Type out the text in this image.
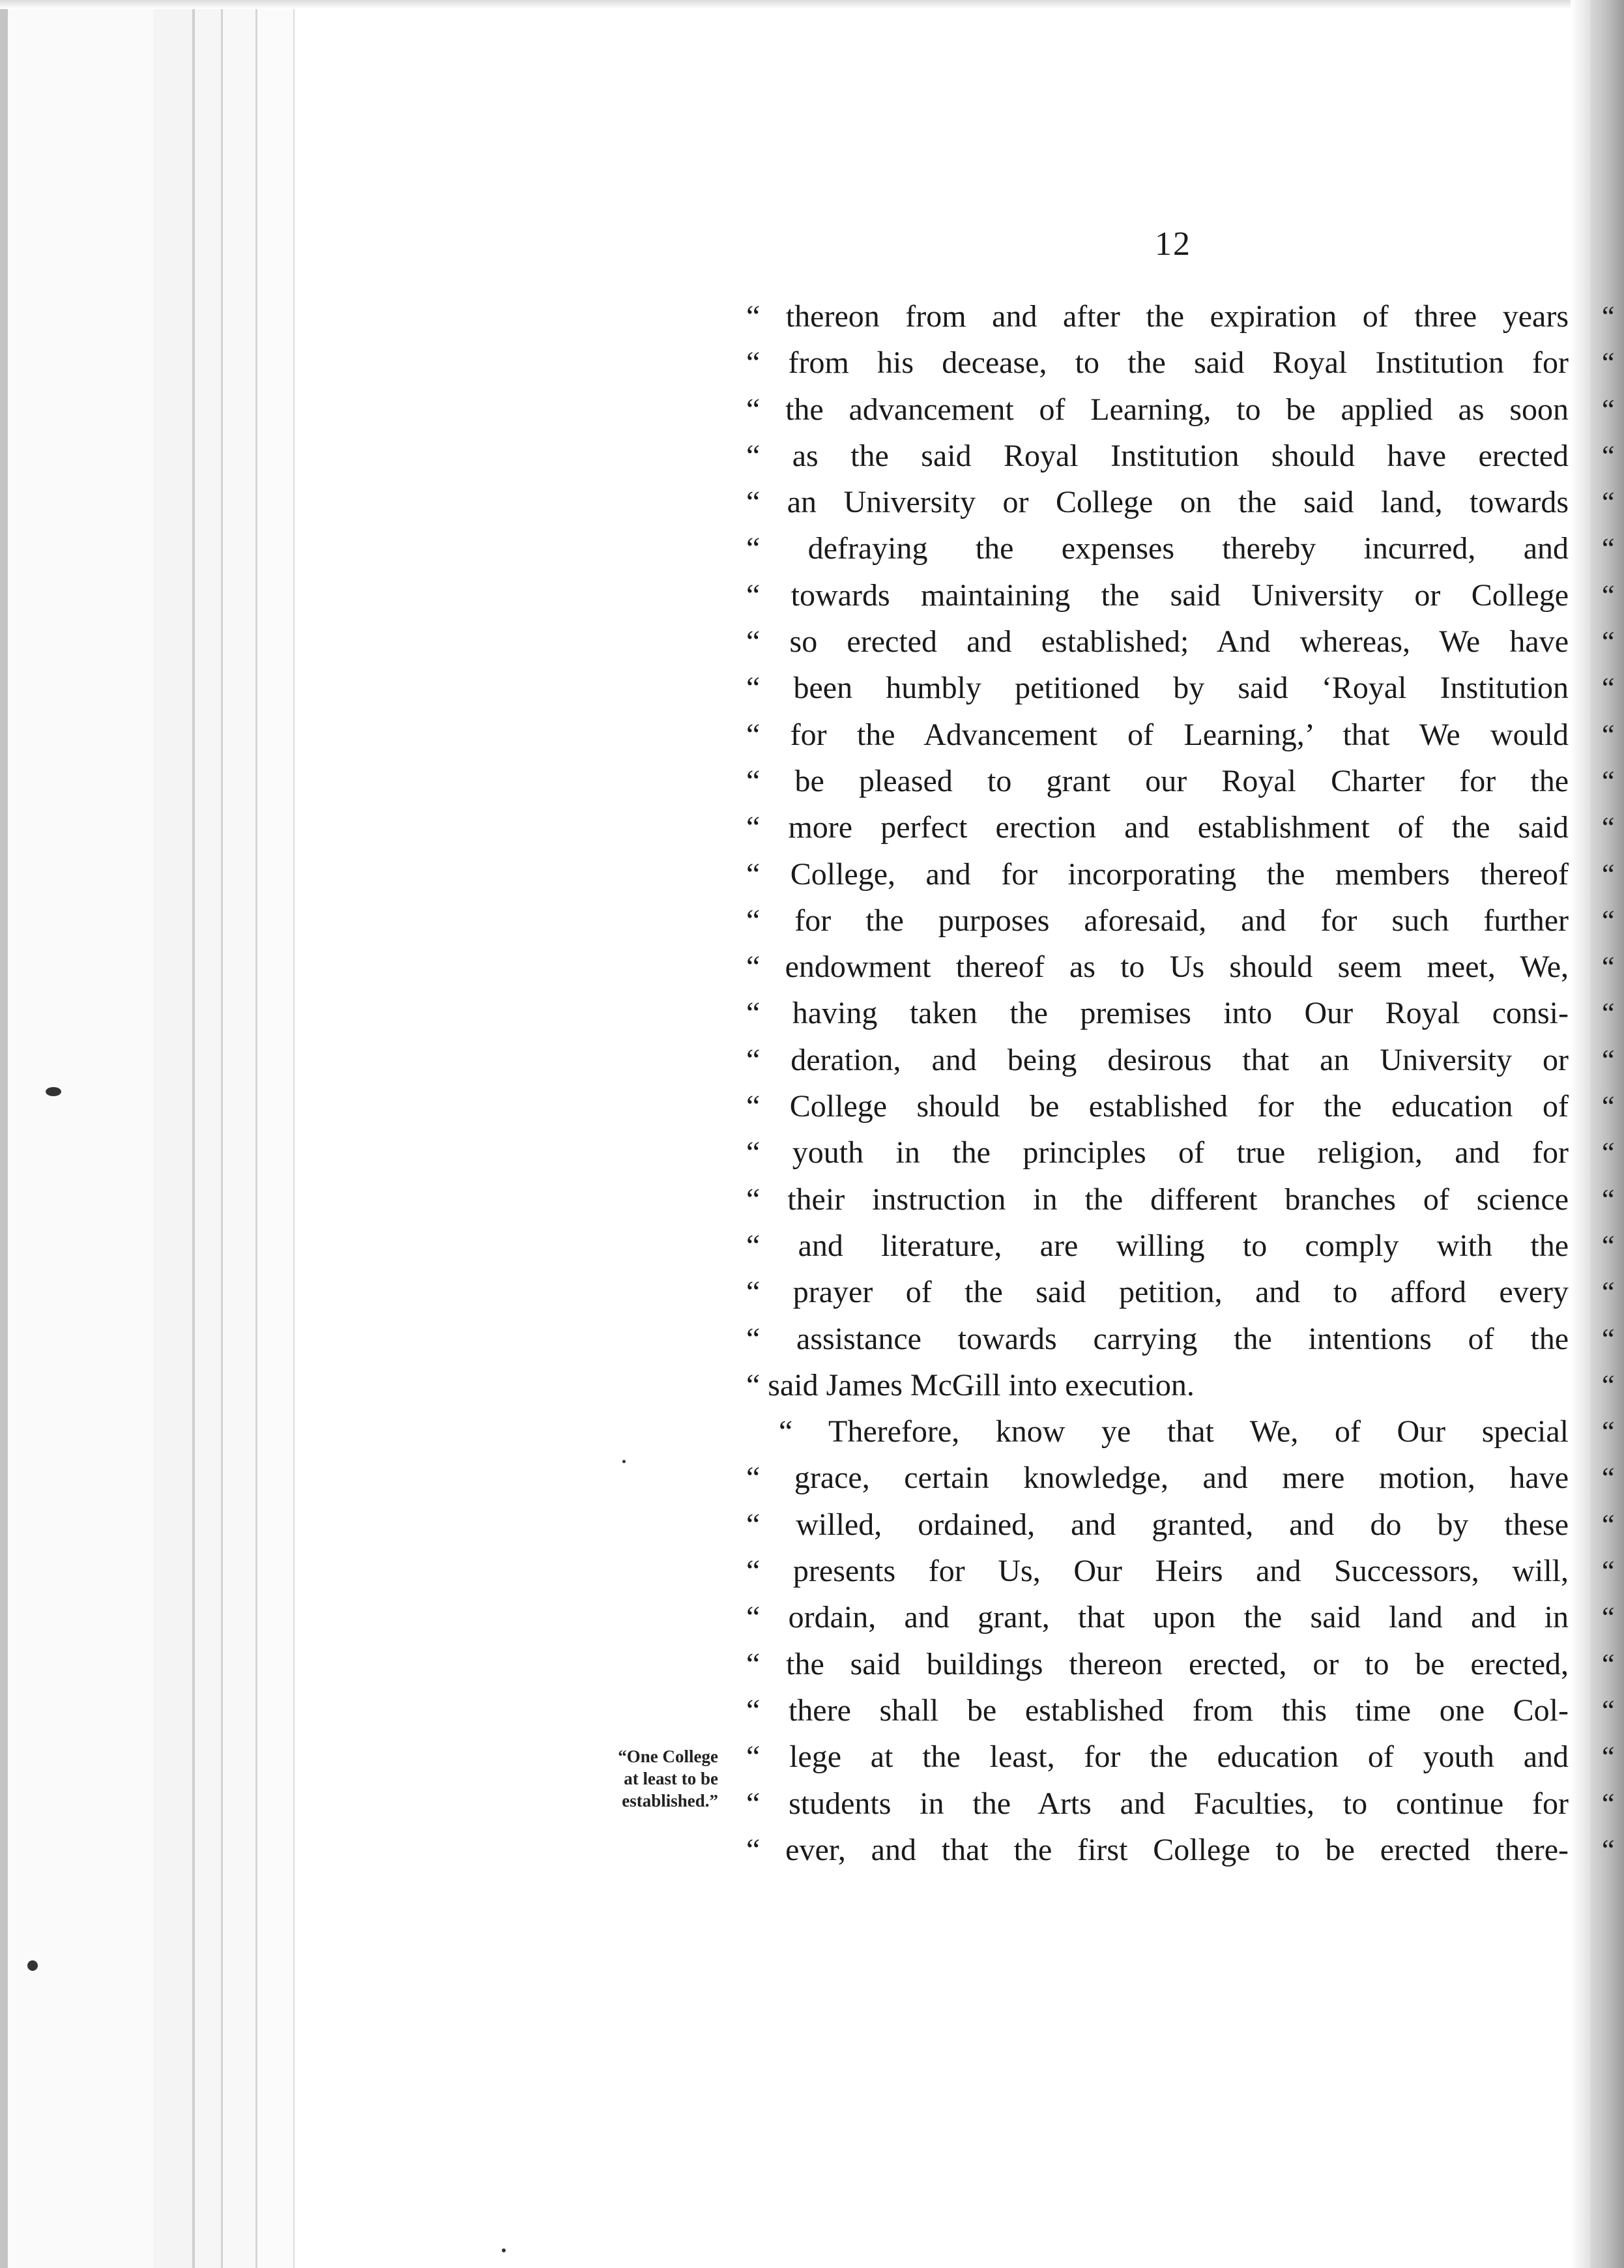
12
“ thereon from and after the expiration of three years
“ from his decease, to the said Royal Institution for
“ the advancement of Learning, to be applied as soon
“ as the said Royal Institution should have erected
“ an University or College on the said land, towards
“ defraying the expenses thereby incurred, and
“ towards maintaining the said University or College
“ so erected and established; And whereas, We have
“ been humbly petitioned by said ‘Royal Institution
“ for the Advancement of Learning,’ that We would
“ be pleased to grant our Royal Charter for the
“ more perfect erection and establishment of the said
“ College, and for incorporating the members thereof
“ for the purposes aforesaid, and for such further
“ endowment thereof as to Us should seem meet, We,
“ having taken the premises into Our Royal consi-
“ deration, and being desirous that an University or
“ College should be established for the education of
“ youth in the principles of true religion, and for
“ their instruction in the different branches of science
“ and literature, are willing to comply with the
“ prayer of the said petition, and to afford every
“ assistance towards carrying the intentions of the
“ said James McGill into execution.
“ Therefore, know ye that We, of Our special
“ grace, certain knowledge, and mere motion, have
“ willed, ordained, and granted, and do by these
“ presents for Us, Our Heirs and Successors, will,
“ ordain, and grant, that upon the said land and in
“ the said buildings thereon erected, or to be erected,
“ there shall be established from this time one Col-
“ lege at the least, for the education of youth and
“ students in the Arts and Faculties, to continue for
“ ever, and that the first College to be erected there-
“
“
“
“
“
“
“
“
“
“
“
“
“
“
“
“
“
“
“
“
“
“
“
“
“
“
“
“
“
“
“
“
“
“
“One College
at least to be
established.”
